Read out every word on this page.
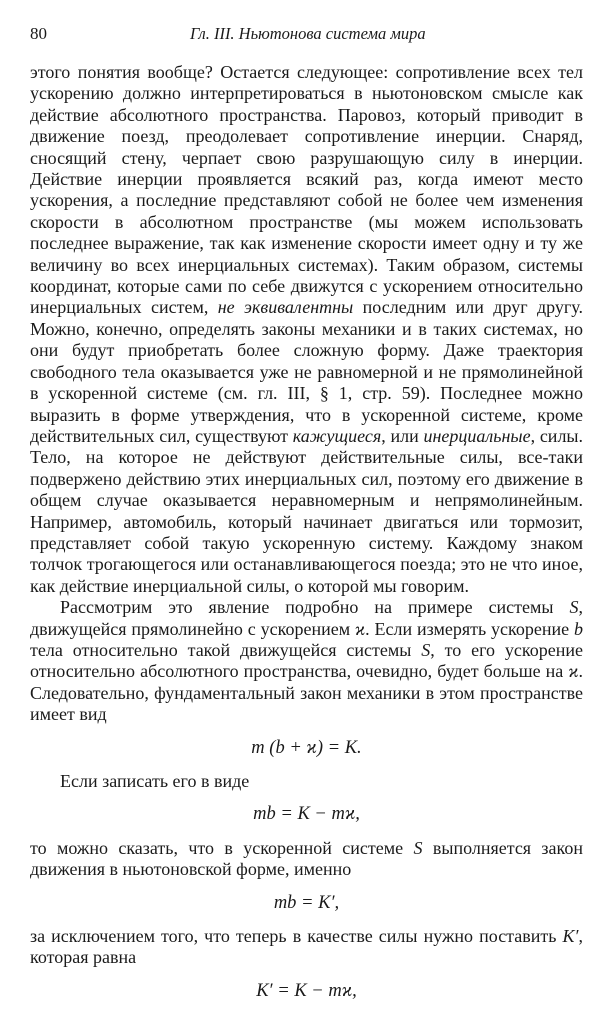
80	Гл. III. Ньютонова система мира

этого понятия вообще? Остается следующее: сопротивление всех тел ускорению должно интерпретироваться в ньютоновском смысле как действие абсолютного пространства. Паровоз, который приводит в движение поезд, преодолевает сопротивление инерции. Снаряд, сносящий стену, черпает свою разрушающую силу в инерции. Действие инерции проявляется всякий раз, когда имеют место ускорения, а последние представляют собой не более чем изменения скорости в абсолютном пространстве (мы можем использовать последнее выражение, так как изменение скорости имеет одну и ту же величину во всех инерциальных системах). Таким образом, системы координат, которые сами по себе движутся с ускорением относительно инерциальных систем, не эквивалентны последним или друг другу. Можно, конечно, определять законы механики и в таких системах, но они будут приобретать более сложную форму. Даже траектория свободного тела оказывается уже не равномерной и не прямолинейной в ускоренной системе (см. гл. III, § 1, стр. 59). Последнее можно выразить в форме утверждения, что в ускоренной системе, кроме действительных сил, существуют кажущиеся, или инерциальные, силы. Тело, на которое не действуют действительные силы, все-таки подвержено действию этих инерциальных сил, поэтому его движение в общем случае оказывается неравномерным и непрямолинейным. Например, автомобиль, который начинает двигаться или тормозит, представляет собой такую ускоренную систему. Каждому знаком толчок трогающегося или останавливающегося поезда; это не что иное, как действие инерциальной силы, о которой мы говорим.

Рассмотрим это явление подробно на примере системы S, движущейся прямолинейно с ускорением ϰ. Если измерять ускорение b тела относительно такой движущейся системы S, то его ускорение относительно абсолютного пространства, очевидно, будет больше на ϰ. Следовательно, фундаментальный закон механики в этом пространстве имеет вид

m (b + ϰ) = K.

Если записать его в виде

mb = K − mϰ,

то можно сказать, что в ускоренной системе S выполняется закон движения в ньютоновской форме, именно

mb = K′,

за исключением того, что теперь в качестве силы нужно поставить K′, которая равна

K′ = K − mϰ,
